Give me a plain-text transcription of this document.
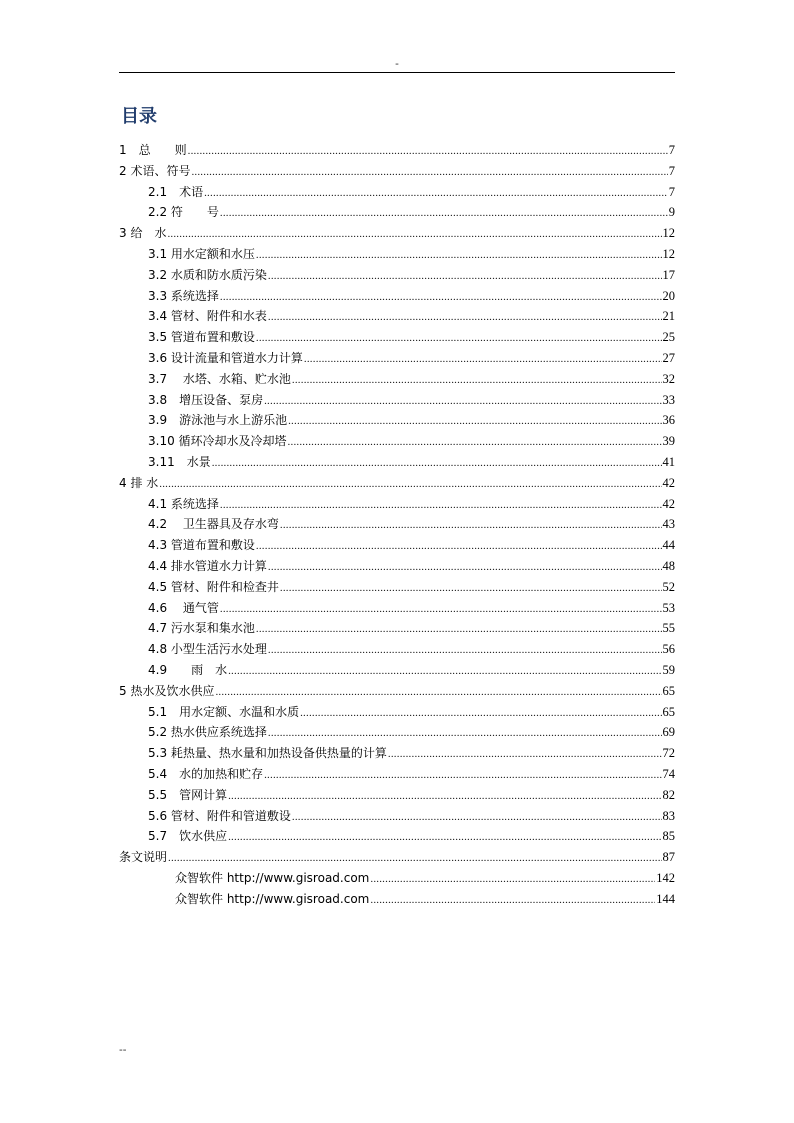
-
目录
1　总　　则 .....	7
2 术语、符号 .....	7
2.1　术语 .....	7
2.2 符　　号 .....	9
3 给　水 .....	12
3.1 用水定额和水压 .....	12
3.2 水质和防水质污染 .....	17
3.3 系统选择 .....	20
3.4 管材、附件和水表 .....	21
3.5 管道布置和敷设 .....	25
3.6 设计流量和管道水力计算 .....	27
3.7　 水塔、水箱、贮水池 .....	32
3.8　增压设备、泵房 .....	33
3.9　游泳池与水上游乐池 .....	36
3.10 循环冷却水及冷却塔 .....	39
3.11　水景 .....	41
4 排 水 .....	42
4.1 系统选择 .....	42
4.2　 卫生器具及存水弯 .....	43
4.3 管道布置和敷设 .....	44
4.4 排水管道水力计算 .....	48
4.5 管材、附件和检查井 .....	52
4.6　 通气管 .....	53
4.7 污水泵和集水池 .....	55
4.8 小型生活污水处理 .....	56
4.9　　雨　水 .....	59
5 热水及饮水供应 .....	65
5.1　用水定额、水温和水质 .....	65
5.2 热水供应系统选择 .....	69
5.3 耗热量、热水量和加热设备供热量的计算 .....	72
5.4　水的加热和贮存 .....	74
5.5　管网计算 .....	82
5.6 管材、附件和管道敷设 .....	83
5.7　饮水供应 .....	85
条文说明 .....	87
众智软件 http://www.gisroad.com .....	142
众智软件 http://www.gisroad.com .....	144
--
